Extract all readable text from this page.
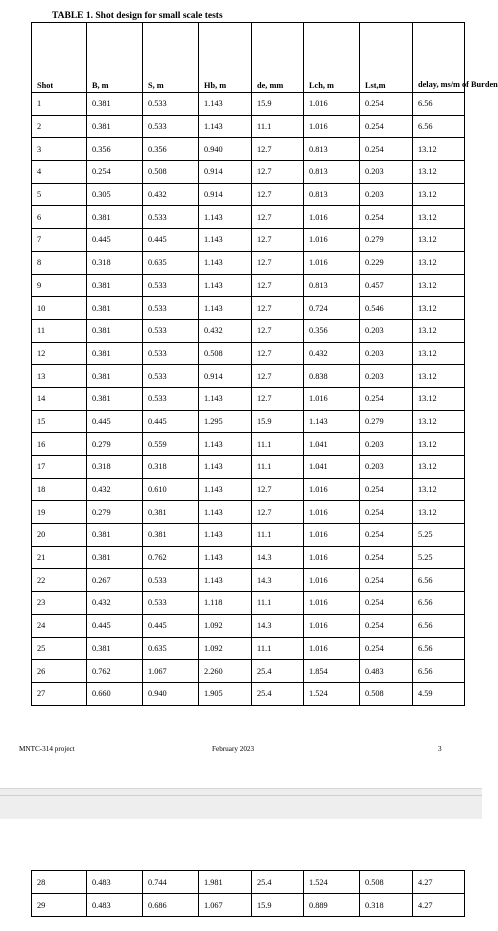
TABLE 1. Shot design for small scale tests
Shot	B, m	S, m	Hb, m	de, mm	Lch, m	Lst,m	delay, ms/m of Burden
1	0.381	0.533	1.143	15.9	1.016	0.254	6.56
2	0.381	0.533	1.143	11.1	1.016	0.254	6.56
3	0.356	0.356	0.940	12.7	0.813	0.254	13.12
4	0.254	0.508	0.914	12.7	0.813	0.203	13.12
5	0.305	0.432	0.914	12.7	0.813	0.203	13.12
6	0.381	0.533	1.143	12.7	1.016	0.254	13.12
7	0.445	0.445	1.143	12.7	1.016	0.279	13.12
8	0.318	0.635	1.143	12.7	1.016	0.229	13.12
9	0.381	0.533	1.143	12.7	0.813	0.457	13.12
10	0.381	0.533	1.143	12.7	0.724	0.546	13.12
11	0.381	0.533	0.432	12.7	0.356	0.203	13.12
12	0.381	0.533	0.508	12.7	0.432	0.203	13.12
13	0.381	0.533	0.914	12.7	0.838	0.203	13.12
14	0.381	0.533	1.143	12.7	1.016	0.254	13.12
15	0.445	0.445	1.295	15.9	1.143	0.279	13.12
16	0.279	0.559	1.143	11.1	1.041	0.203	13.12
17	0.318	0.318	1.143	11.1	1.041	0.203	13.12
18	0.432	0.610	1.143	12.7	1.016	0.254	13.12
19	0.279	0.381	1.143	12.7	1.016	0.254	13.12
20	0.381	0.381	1.143	11.1	1.016	0.254	5.25
21	0.381	0.762	1.143	14.3	1.016	0.254	5.25
22	0.267	0.533	1.143	14.3	1.016	0.254	6.56
23	0.432	0.533	1.118	11.1	1.016	0.254	6.56
24	0.445	0.445	1.092	14.3	1.016	0.254	6.56
25	0.381	0.635	1.092	11.1	1.016	0.254	6.56
26	0.762	1.067	2.260	25.4	1.854	0.483	6.56
27	0.660	0.940	1.905	25.4	1.524	0.508	4.59
MNTC-314 project	February 2023	3
28	0.483	0.744	1.981	25.4	1.524	0.508	4.27
29	0.483	0.686	1.067	15.9	0.889	0.318	4.27
